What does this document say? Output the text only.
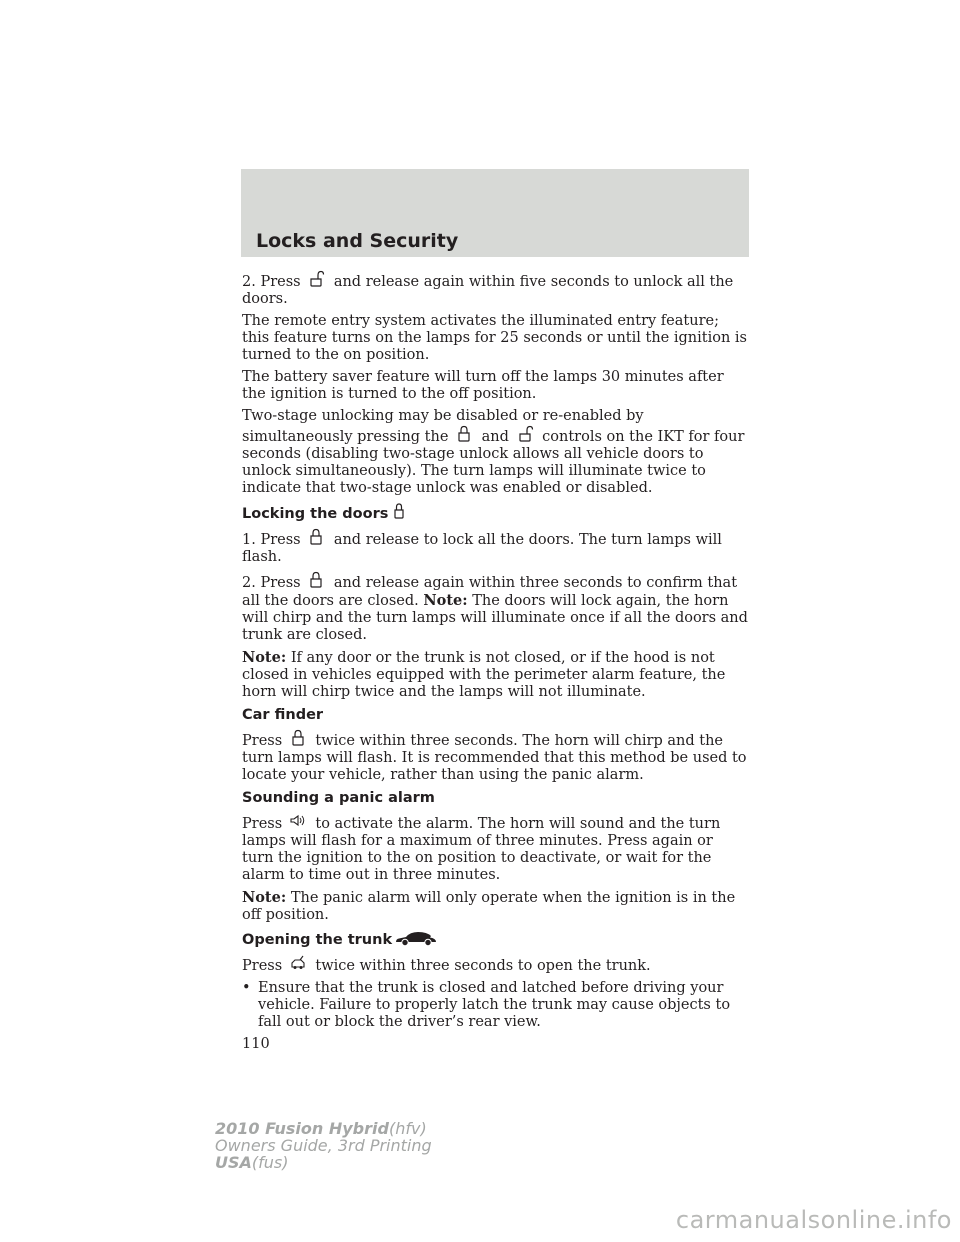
Locks and Security

2. Press and release again within five seconds to unlock all the doors.

The remote entry system activates the illuminated entry feature; this feature turns on the lamps for 25 seconds or until the ignition is turned to the on position.

The battery saver feature will turn off the lamps 30 minutes after the ignition is turned to the off position.

Two-stage unlocking may be disabled or re-enabled by simultaneously pressing the and controls on the IKT for four seconds (disabling two-stage unlock allows all vehicle doors to unlock simultaneously). The turn lamps will illuminate twice to indicate that two-stage unlock was enabled or disabled.

Locking the doors

1. Press and release to lock all the doors. The turn lamps will flash.

2. Press and release again within three seconds to confirm that all the doors are closed. Note: The doors will lock again, the horn will chirp and the turn lamps will illuminate once if all the doors and trunk are closed.

Note: If any door or the trunk is not closed, or if the hood is not closed in vehicles equipped with the perimeter alarm feature, the horn will chirp twice and the lamps will not illuminate.

Car finder

Press twice within three seconds. The horn will chirp and the turn lamps will flash. It is recommended that this method be used to locate your vehicle, rather than using the panic alarm.

Sounding a panic alarm

Press to activate the alarm. The horn will sound and the turn lamps will flash for a maximum of three minutes. Press again or turn the ignition to the on position to deactivate, or wait for the alarm to time out in three minutes.

Note: The panic alarm will only operate when the ignition is in the off position.

Opening the trunk

Press twice within three seconds to open the trunk.

• Ensure that the trunk is closed and latched before driving your vehicle. Failure to properly latch the trunk may cause objects to fall out or block the driver’s rear view.

110

2010 Fusion Hybrid(hfv)
Owners Guide, 3rd Printing
USA(fus)
carmanualsonline.info
